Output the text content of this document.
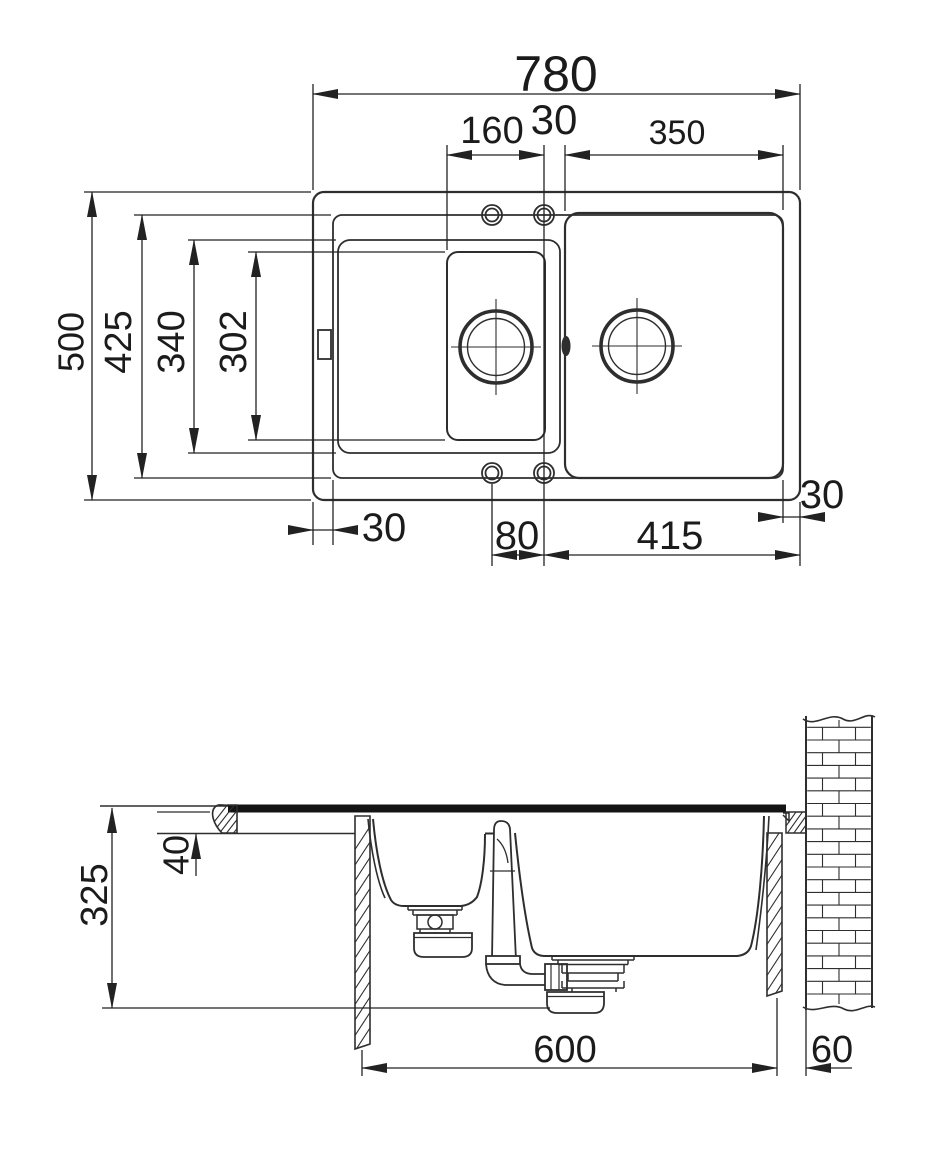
780
160 30 350
500 425 340 302
30 80 415
30
325
40
600	60
